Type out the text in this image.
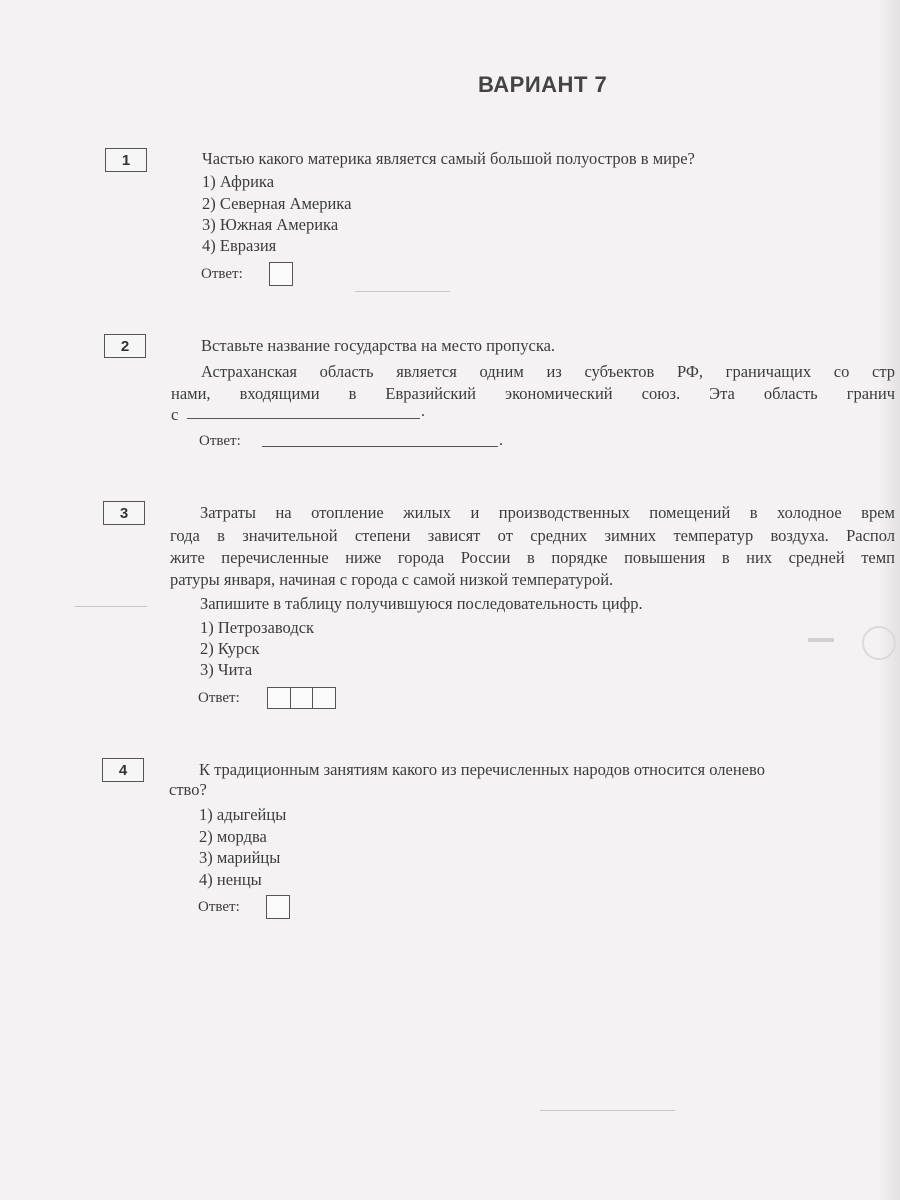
ВАРИАНТ 7
1	Частью какого материка является самый большой полуостров в мире?
1) Африка
2) Северная Америка
3) Южная Америка
4) Евразия
Ответ:
2	Вставьте название государства на место пропуска.
Астраханская область является одним из субъектов РФ, граничащих со стр
нами, входящими в Евразийский экономический союз. Эта область гранич
с	.
Ответ:	.
3	Затраты на отопление жилых и производственных помещений в холодное врем
года в значительной степени зависят от средних зимних температур воздуха. Распол
жите перечисленные ниже города России в порядке повышения в них средней темп
ратуры января, начиная с города с самой низкой температурой.
Запишите в таблицу получившуюся последовательность цифр.
1) Петрозаводск
2) Курск
3) Чита
Ответ:
▬▬
4	К традиционным занятиям какого из перечисленных народов относится оленево
ство?
1) адыгейцы
2) мордва
3) марийцы
4) ненцы
Ответ:
